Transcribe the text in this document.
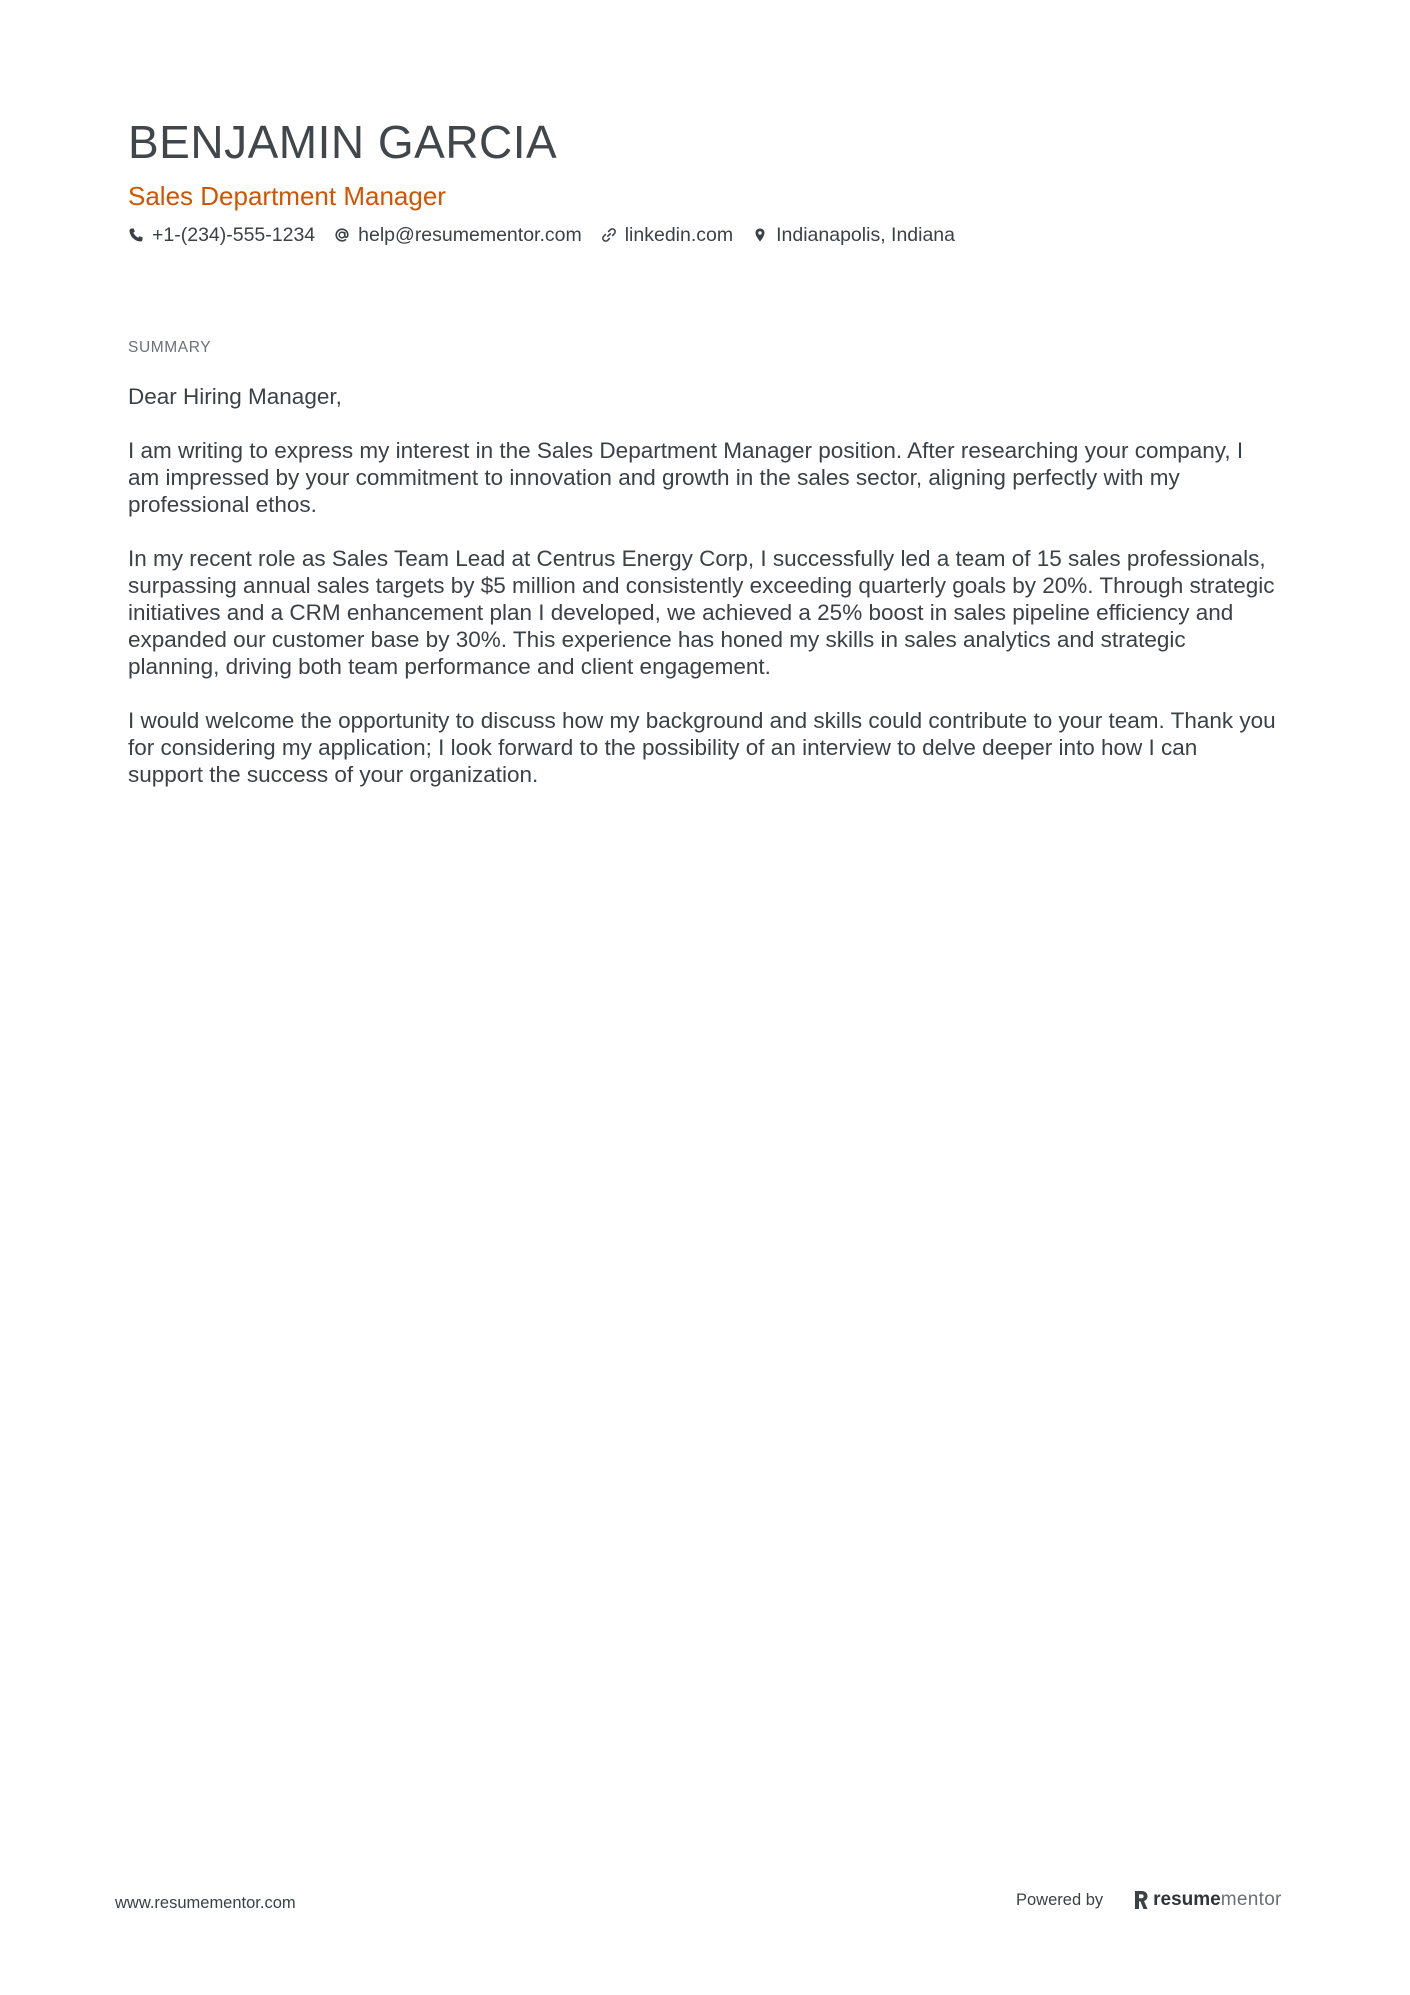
BENJAMIN GARCIA
Sales Department Manager
+1-(234)-555-1234 help@resumementor.com linkedin.com Indianapolis, Indiana
SUMMARY

Dear Hiring Manager,

I am writing to express my interest in the Sales Department Manager position. After researching your company, I am impressed by your commitment to innovation and growth in the sales sector, aligning perfectly with my professional ethos.

In my recent role as Sales Team Lead at Centrus Energy Corp, I successfully led a team of 15 sales professionals, surpassing annual sales targets by $5 million and consistently exceeding quarterly goals by 20%. Through strategic initiatives and a CRM enhancement plan I developed, we achieved a 25% boost in sales pipeline efficiency and expanded our customer base by 30%. This experience has honed my skills in sales analytics and strategic planning, driving both team performance and client engagement.

I would welcome the opportunity to discuss how my background and skills could contribute to your team. Thank you for considering my application; I look forward to the possibility of an interview to delve deeper into how I can support the success of your organization.

www.resumementor.com	Powered by	resume mentor
